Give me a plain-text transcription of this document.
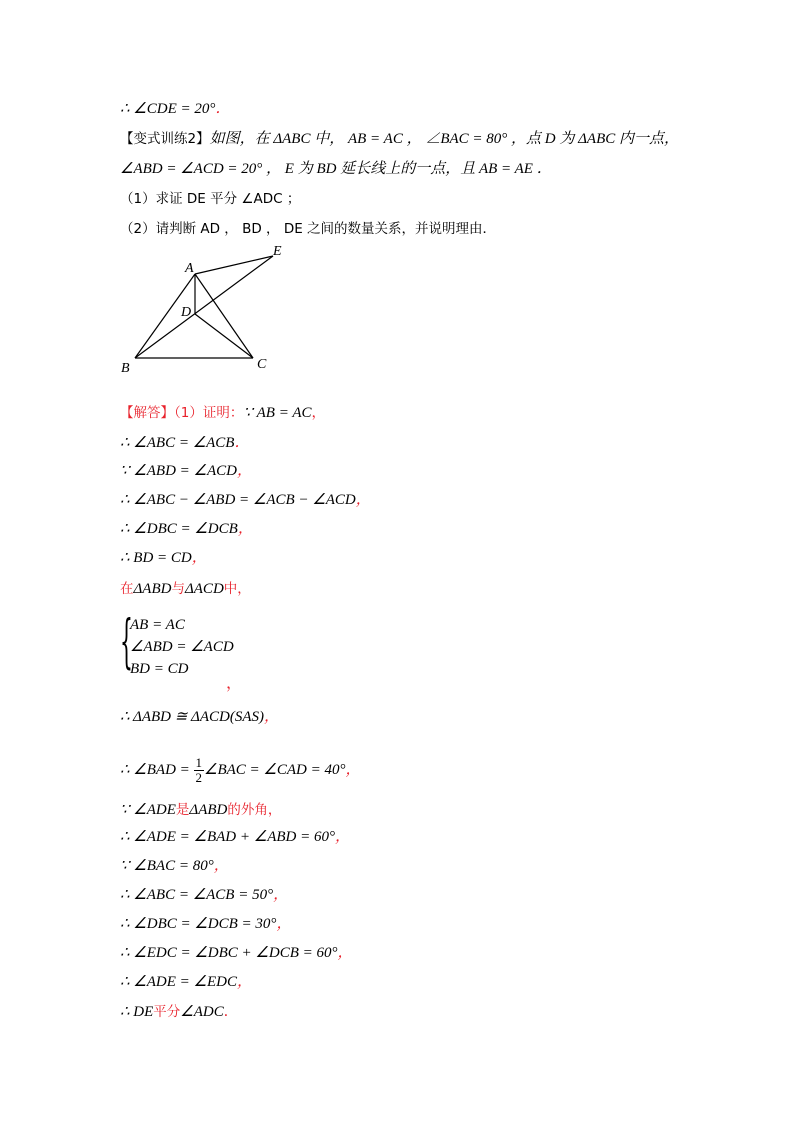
∴ ∠CDE = 20°．
【变式训练2】如图，在 ΔABC 中， AB = AC ， ∠BAC = 80° ，点 D 为 ΔABC 内一点，
∠ABD = ∠ACD = 20° ， E 为 BD 延长线上的一点，且 AB = AE ．
（1）求证 DE 平分 ∠ADC ；
（2）请判断 AD ， BD ， DE 之间的数量关系，并说明理由．
A
B	C
D
E
【解答】（1）证明：∵ AB = AC，
∴ ∠ABC = ∠ACB．
∵ ∠ABD = ∠ACD，
∴ ∠ABC − ∠ABD = ∠ACB − ∠ACD，
∴ ∠DBC = ∠DCB，
∴ BD = CD，
在ΔABD与ΔACD中，
{
AB = AC
∠ABD = ∠ACD
BD = CD
，
∴ ΔABD ≅ ΔACD(SAS)，
∴ ∠BAD = $\frac{1}{2}$ ∠BAC = ∠CAD = 40°，
∵ ∠ADE是ΔABD的外角，
∴ ∠ADE = ∠BAD + ∠ABD = 60°，
∵ ∠BAC = 80°，
∴ ∠ABC = ∠ACB = 50°，
∴ ∠DBC = ∠DCB = 30°，
∴ ∠EDC = ∠DBC + ∠DCB = 60°，
∴ ∠ADE = ∠EDC，
∴ DE平分∠ADC．
